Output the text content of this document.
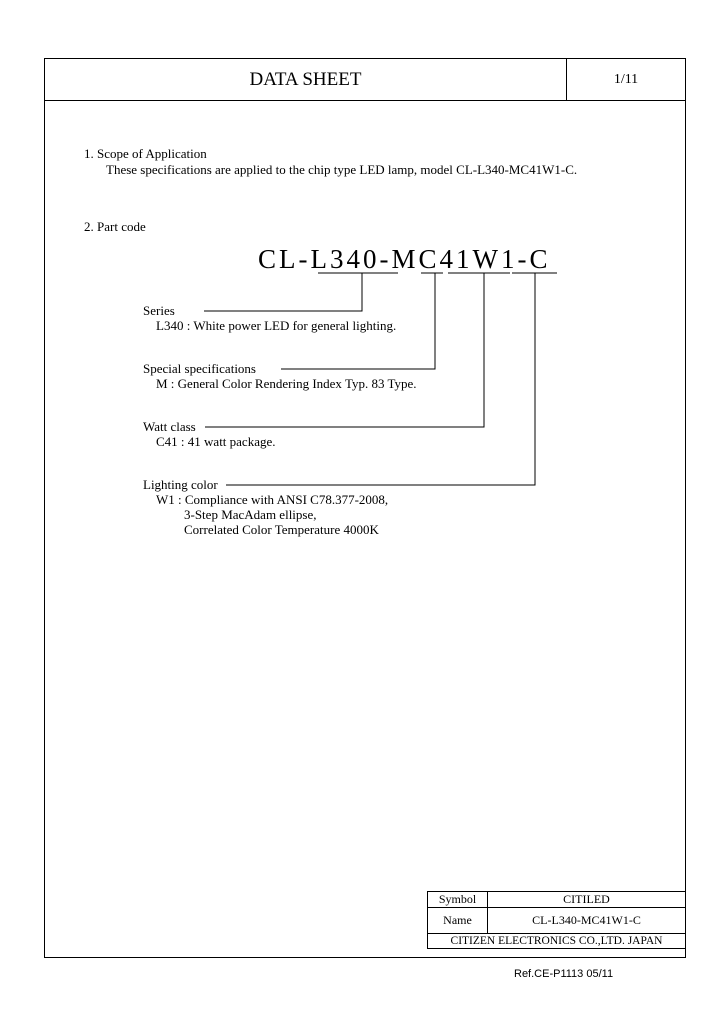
DATA SHEET	1/11
1. Scope of Application
These specifications are applied to the chip type LED lamp, model CL-L340-MC41W1-C.
2. Part code
CL-L340-MC41W1-C
Series
L340 : White power LED for general lighting.
Special specifications
M : General Color Rendering Index Typ. 83 Type.
Watt class
C41 : 41 watt package.
Lighting color
W1 : Compliance with ANSI C78.377-2008,
3-Step MacAdam ellipse,
Correlated Color Temperature 4000K
Symbol	CITILED
Name	CL-L340-MC41W1-C
CITIZEN ELECTRONICS CO.,LTD. JAPAN
Ref.CE-P1113 05/11
